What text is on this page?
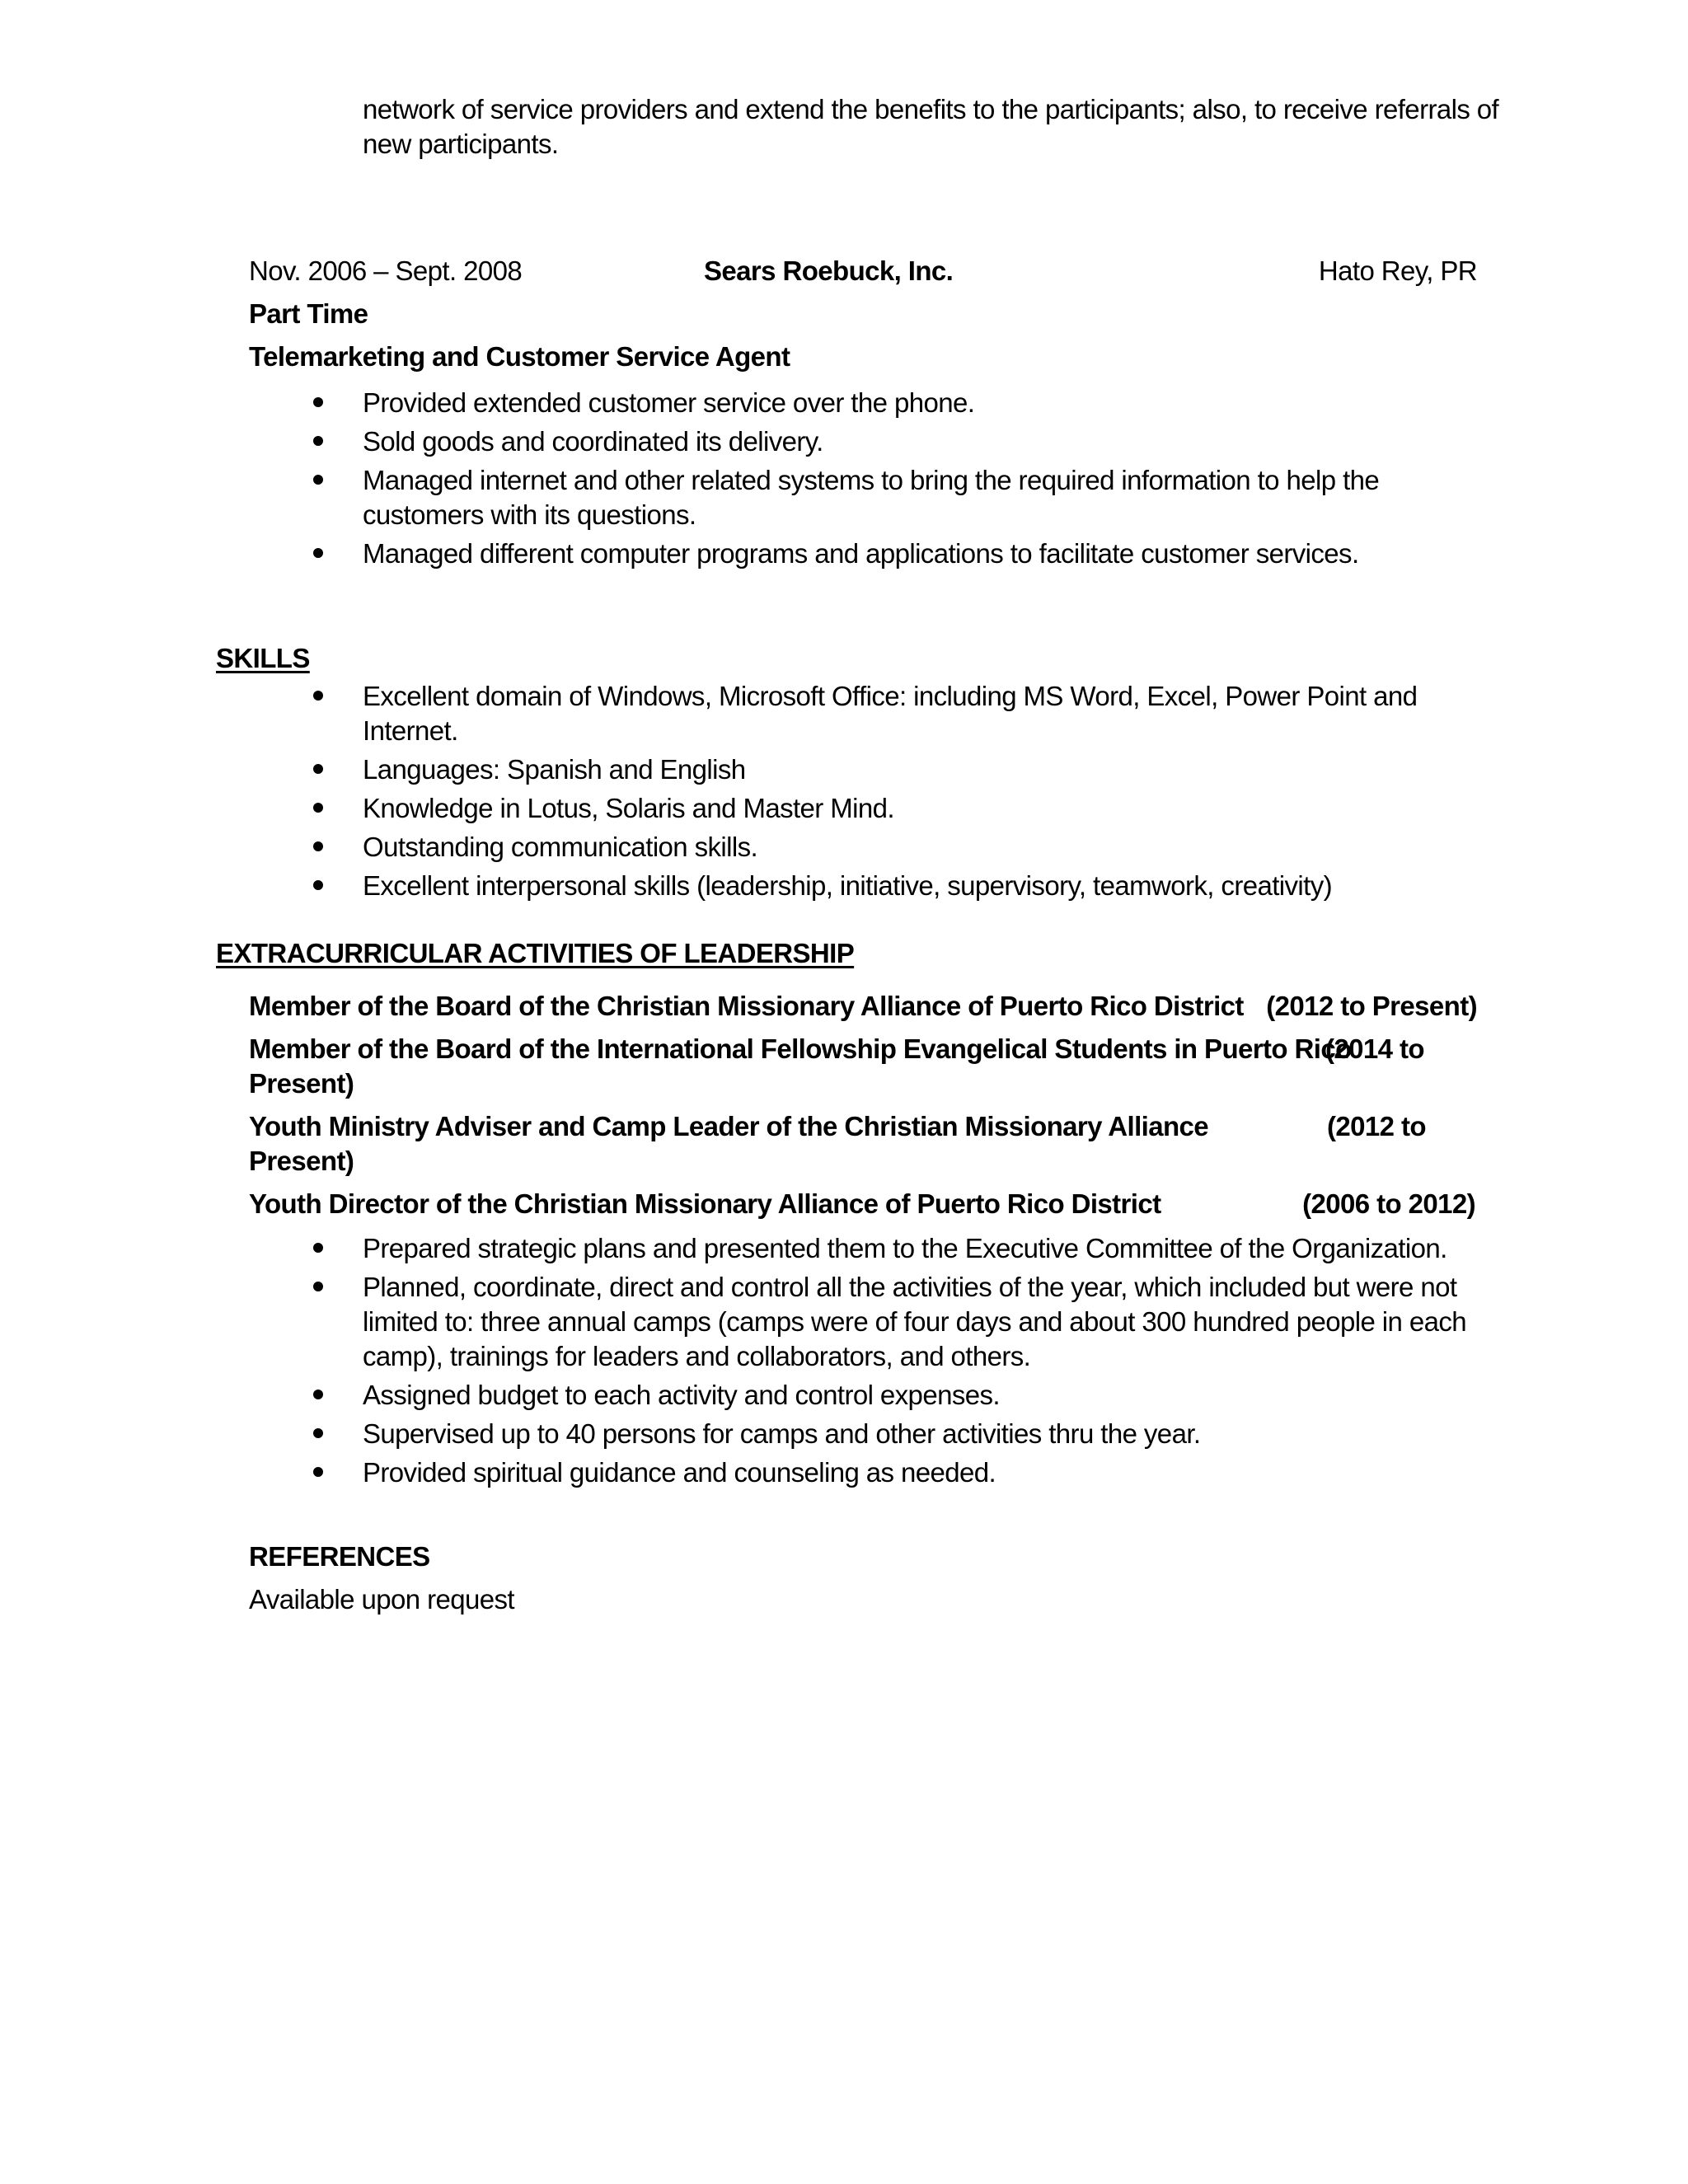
network of service providers and extend the benefits to the participants; also, to receive referrals of new participants.
Nov. 2006 – Sept. 2008	Sears Roebuck, Inc.	Hato Rey, PR
Part Time
Telemarketing and Customer Service Agent
Provided extended customer service over the phone.
Sold goods and coordinated its delivery.
Managed internet and other related systems to bring the required information to help the customers with its questions.
Managed different computer programs and applications to facilitate customer services.
SKILLS
Excellent domain of Windows, Microsoft Office: including MS Word, Excel, Power Point and Internet.
Languages: Spanish and English
Knowledge in Lotus, Solaris and Master Mind.
Outstanding communication skills.
Excellent interpersonal skills (leadership, initiative, supervisory, teamwork, creativity)
EXTRACURRICULAR ACTIVITIES OF LEADERSHIP
Member of the Board of the Christian Missionary Alliance of Puerto Rico District (2012 to Present)
Member of the Board of the International Fellowship Evangelical Students in Puerto Rico
(2014 to
Present)
Youth Ministry Adviser and Camp Leader of the Christian Missionary Alliance	(2012 to
Present)
Youth Director of the Christian Missionary Alliance of Puerto Rico District	(2006 to 2012)
Prepared strategic plans and presented them to the Executive Committee of the Organization.
Planned, coordinate, direct and control all the activities of the year, which included but were not limited to: three annual camps (camps were of four days and about 300 hundred people in each camp), trainings for leaders and collaborators, and others.
Assigned budget to each activity and control expenses.
Supervised up to 40 persons for camps and other activities thru the year.
Provided spiritual guidance and counseling as needed.
REFERENCES
Available upon request
